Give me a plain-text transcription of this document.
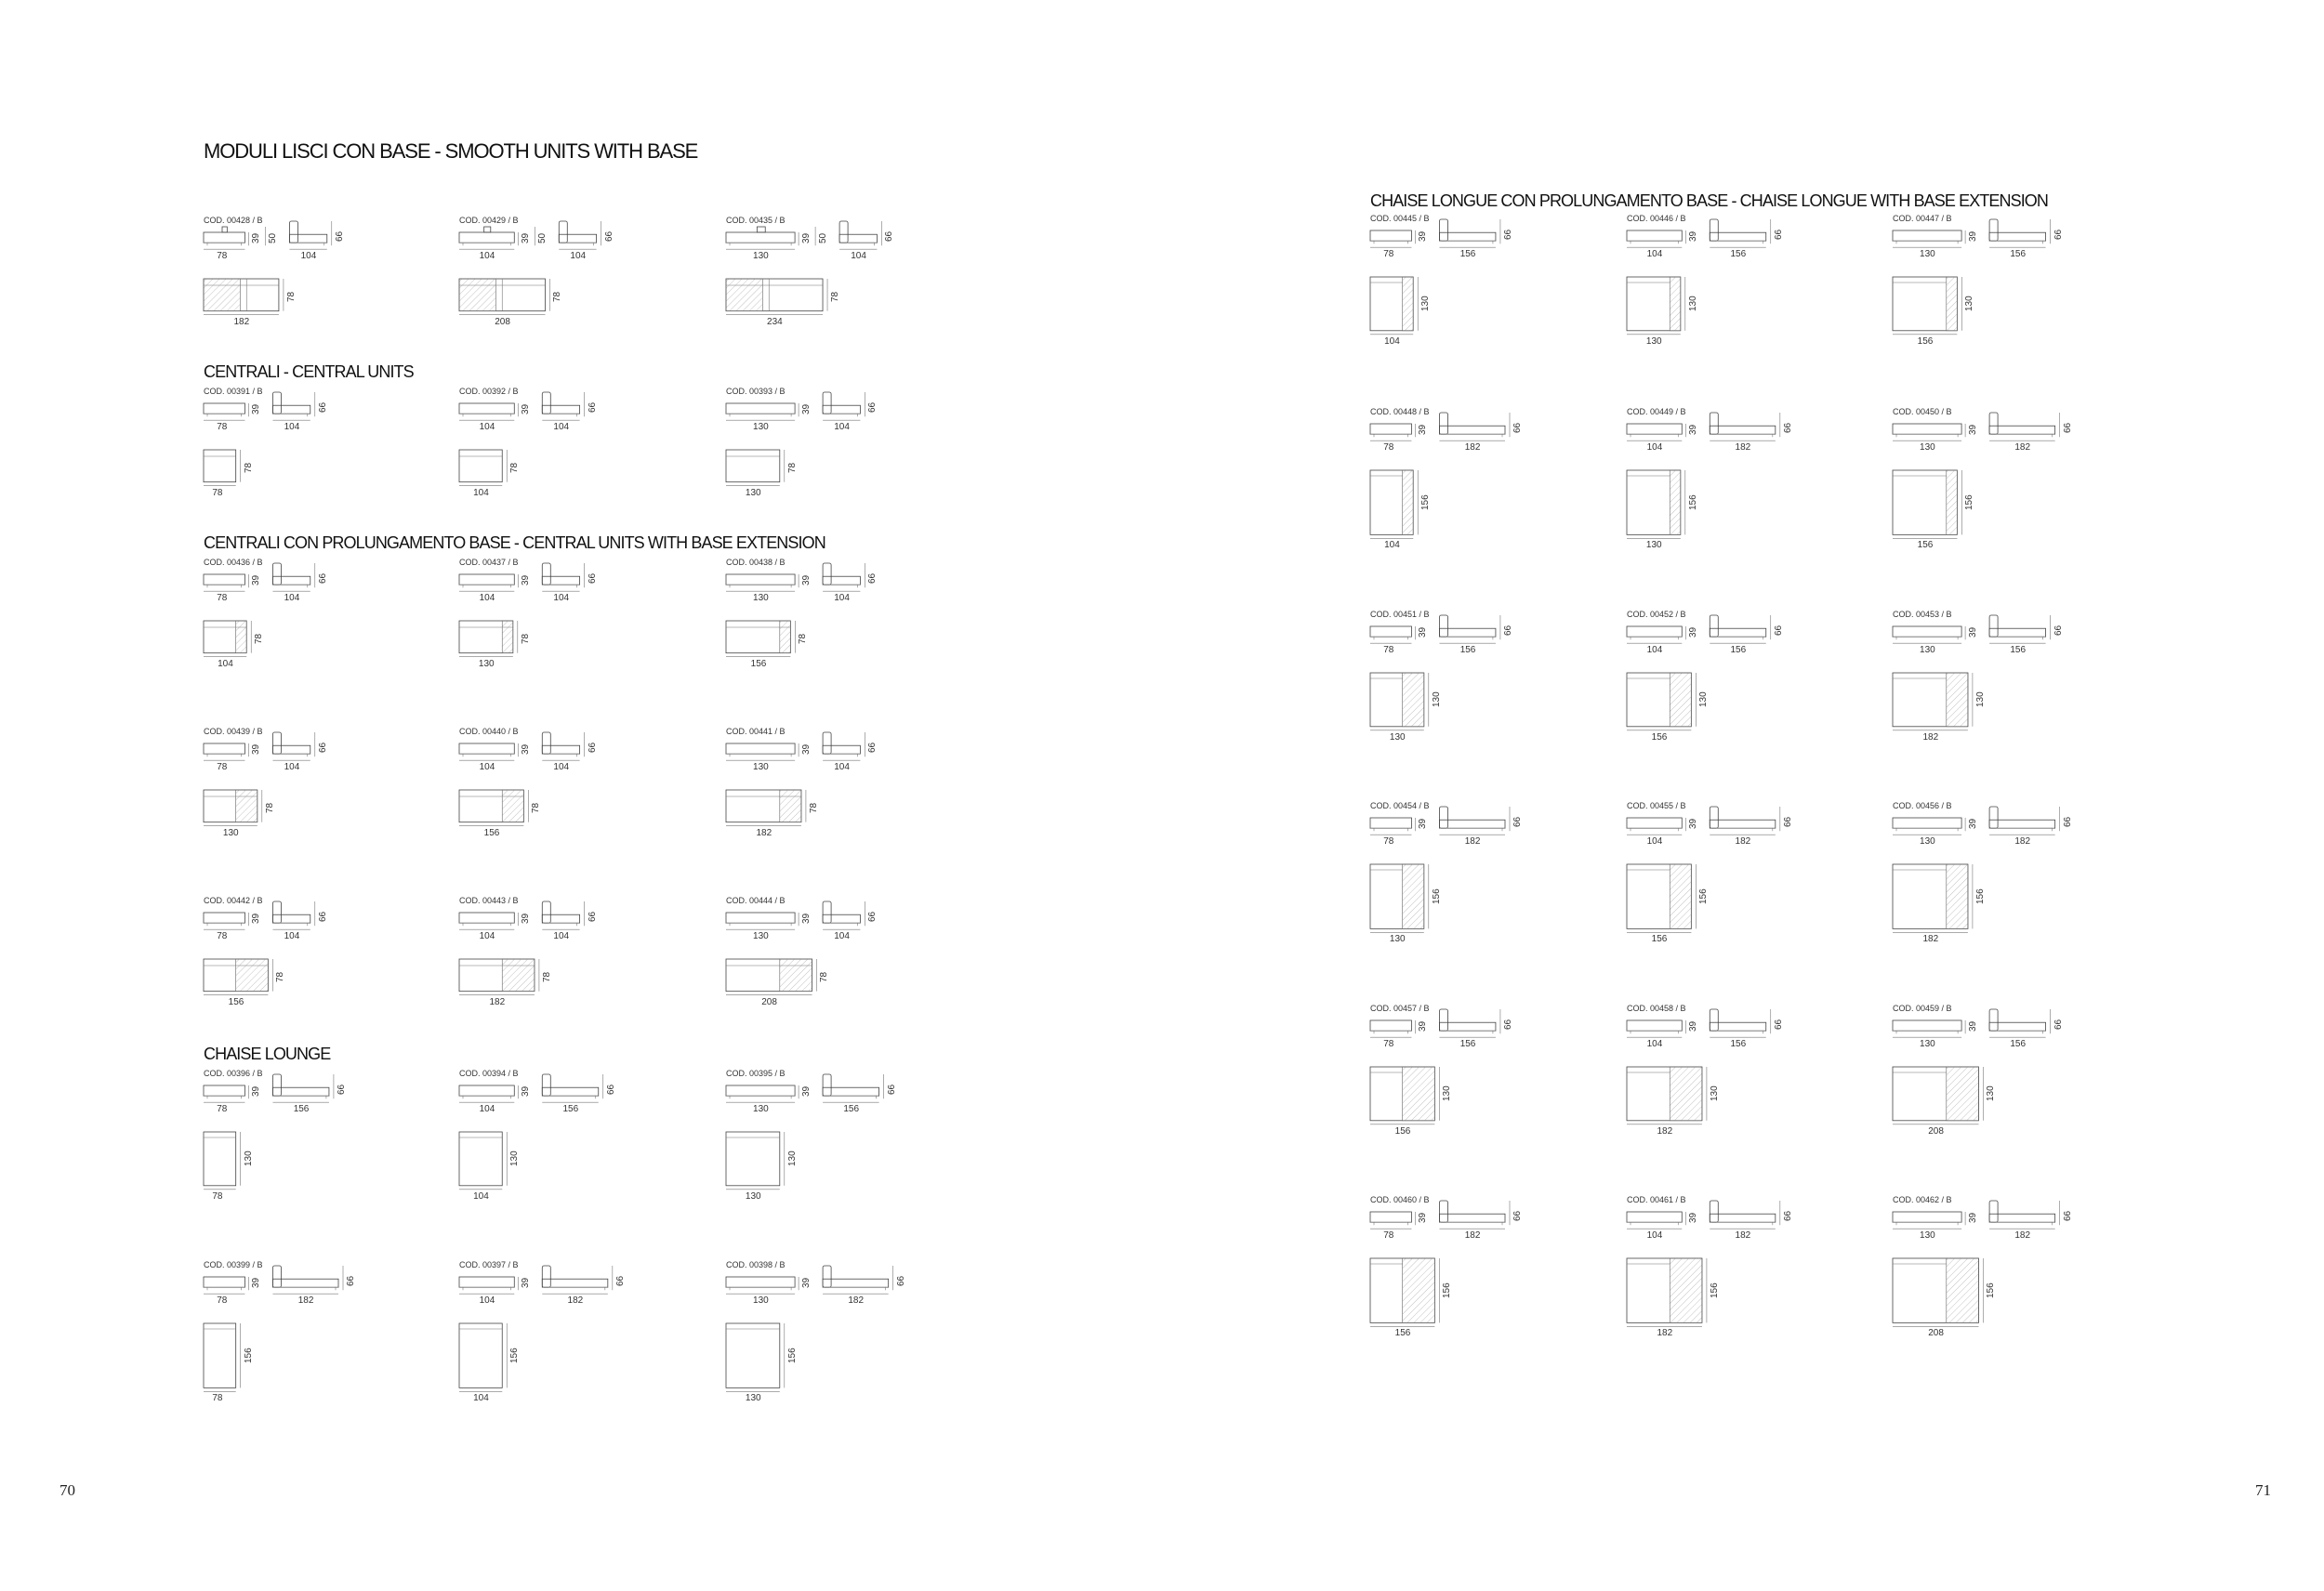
MODULI LISCI CON BASE - SMOOTH UNITS WITH BASE
CENTRALI - CENTRAL UNITS
CENTRALI CON PROLUNGAMENTO BASE - CENTRAL UNITS WITH BASE EXTENSION
CHAISE LOUNGE
COD. 00428 / B
78
39 50
104
66
182
78
COD. 00429 / B
104
39 50
104
66
208
78
COD. 00435 / B
130
39 50
104
66
234
78
COD. 00391 / B
78
39
104
66
78
78
COD. 00392 / B
104
39
104
66
104
78
COD. 00393 / B
130
39
104
66
130
78
COD. 00436 / B
78
39
104
66
104
78
COD. 00437 / B
104
39
104
66
130
78
COD. 00438 / B
130
39
104
66
156
78
COD. 00439 / B
78
39
104
66
130
78
COD. 00440 / B
104
39
104
66
156
78
COD. 00441 / B
130
39
104
66
182
78
COD. 00442 / B
78
39
104
66
156
78
COD. 00443 / B
104
39
104
66
182
78
COD. 00444 / B
130
39
104
66
208
78
COD. 00396 / B
78
39
156
66
78
130
COD. 00394 / B
104
39
156
66
104
130
COD. 00395 / B
130
39
156
66
130
130
COD. 00399 / B
78
39
182
66
78
156
COD. 00397 / B
104
39
182
66
104
156
COD. 00398 / B
130
39
182
66
130
156
70
CHAISE LONGUE CON PROLUNGAMENTO BASE - CHAISE LONGUE WITH BASE EXTENSION
COD. 00445 / B
78
39
156
66
104
130
COD. 00446 / B
104
39
156
66
130
130
COD. 00447 / B
130
39
156
66
156
130
COD. 00448 / B
78
39
182
66
104
156
COD. 00449 / B
104
39
182
66
130
156
COD. 00450 / B
130
39
182
66
156
156
COD. 00451 / B
78
39
156
66
130
130
COD. 00452 / B
104
39
156
66
156
130
COD. 00453 / B
130
39
156
66
182
130
COD. 00454 / B
78
39
182
66
130
156
COD. 00455 / B
104
39
182
66
156
156
COD. 00456 / B
130
39
182
66
182
156
COD. 00457 / B
78
39
156
66
156
130
COD. 00458 / B
104
39
156
66
182
130
COD. 00459 / B
130
39
156
66
208
130
COD. 00460 / B
78
39
182
66
156
156
COD. 00461 / B
104
39
182
66
182
156
COD. 00462 / B
130
39
182
66
208
156
71
